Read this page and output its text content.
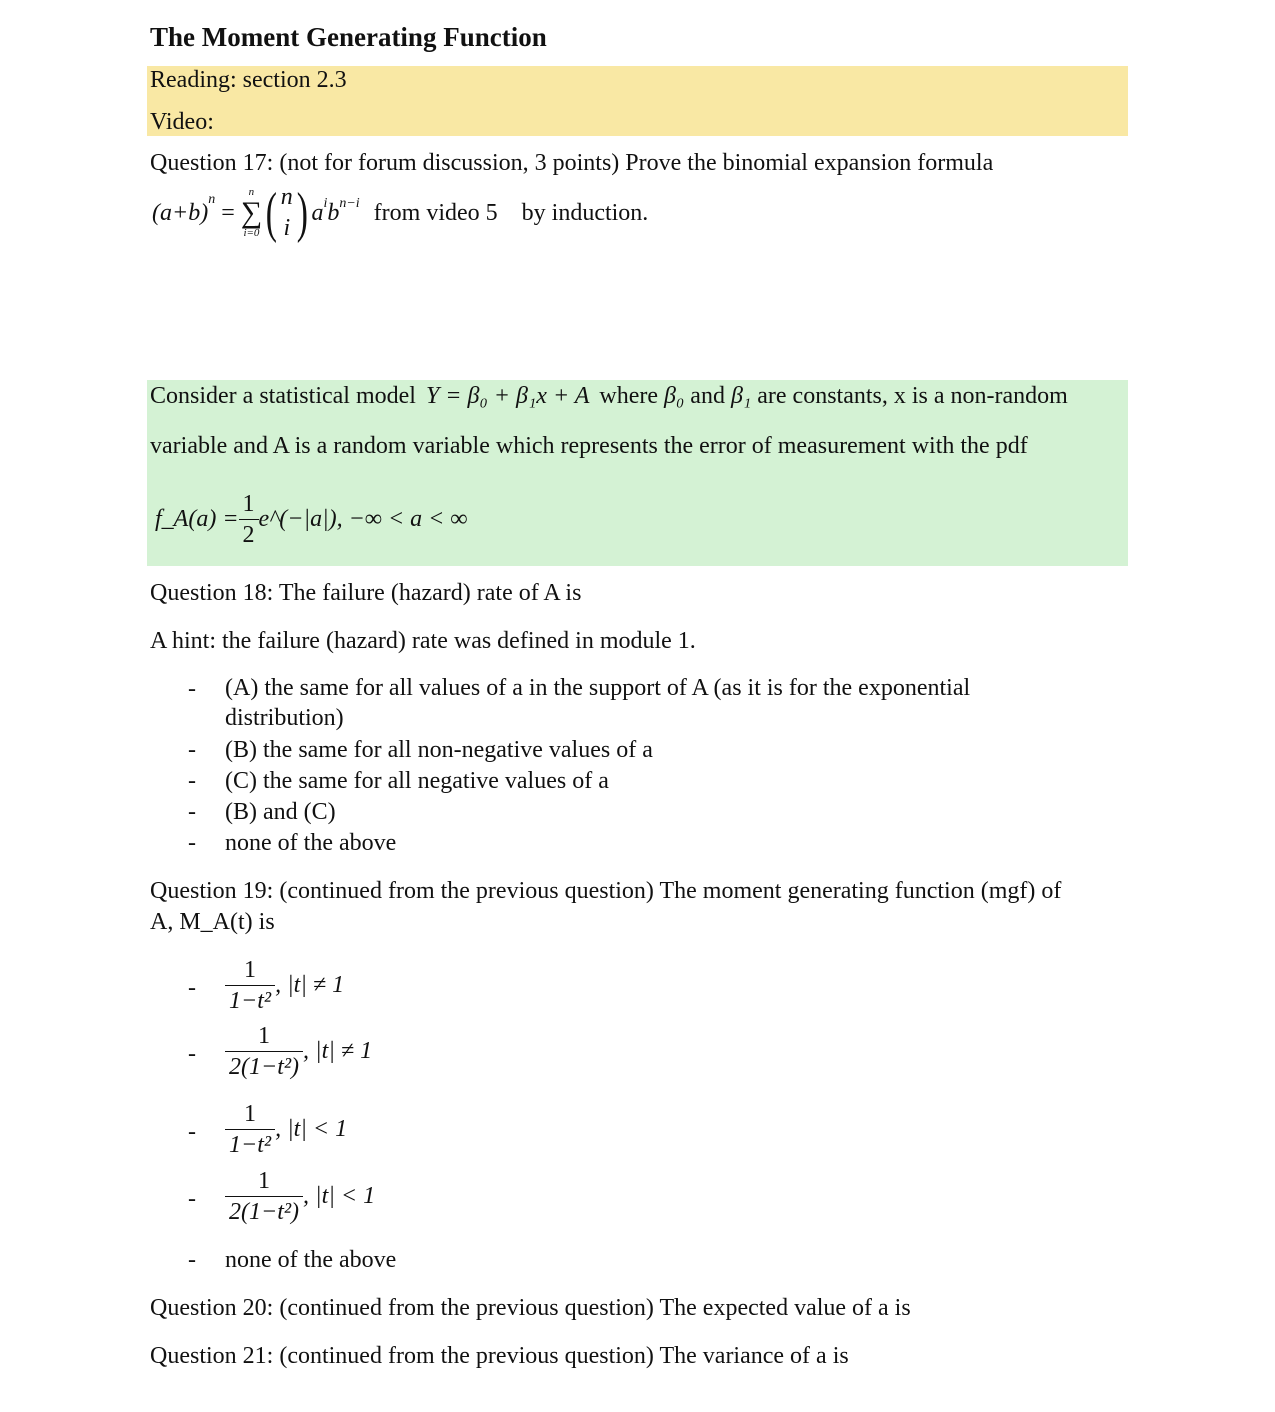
The Moment Generating Function
Reading: section 2.3
Video:
Question 17: (not for forum discussion, 3 points) Prove the binomial expansion formula
$(a+b)^n$ =
n
∑
i=0 ( n
i ) $a^i$ $b^{n-i}$ from video 5    by induction.
Consider a statistical model Y = β₀ + β₁x + A where β₀ and β₁ are constants, x is a non-random
variable and A is a random variable which represents the error of measurement with the pdf
f_A(a) = $\frac{1}{2}$ e^(−|a|) , −∞ < a < ∞
Question 18: The failure (hazard) rate of A is
A hint: the failure (hazard) rate was defined in module 1.
- (A) the same for all values of a in the support of A (as it is for the exponential
distribution)
- (B) the same for all non-negative values of a
- (C) the same for all negative values of a
- (B) and (C)
- none of the above
Question 19: (continued from the previous question) The moment generating function (mgf) of
A, M_A(t) is
- $\frac{1}{\text{1−t²}}$ , |t| ≠ 1
- $\frac{1}{\text{2(1−t²)}}$ , |t| ≠ 1
- $\frac{1}{\text{1−t²}}$ , |t| < 1
- $\frac{1}{\text{2(1−t²)}}$ , |t| < 1
- none of the above
Question 20: (continued from the previous question) The expected value of a is
Question 21: (continued from the previous question) The variance of a is
